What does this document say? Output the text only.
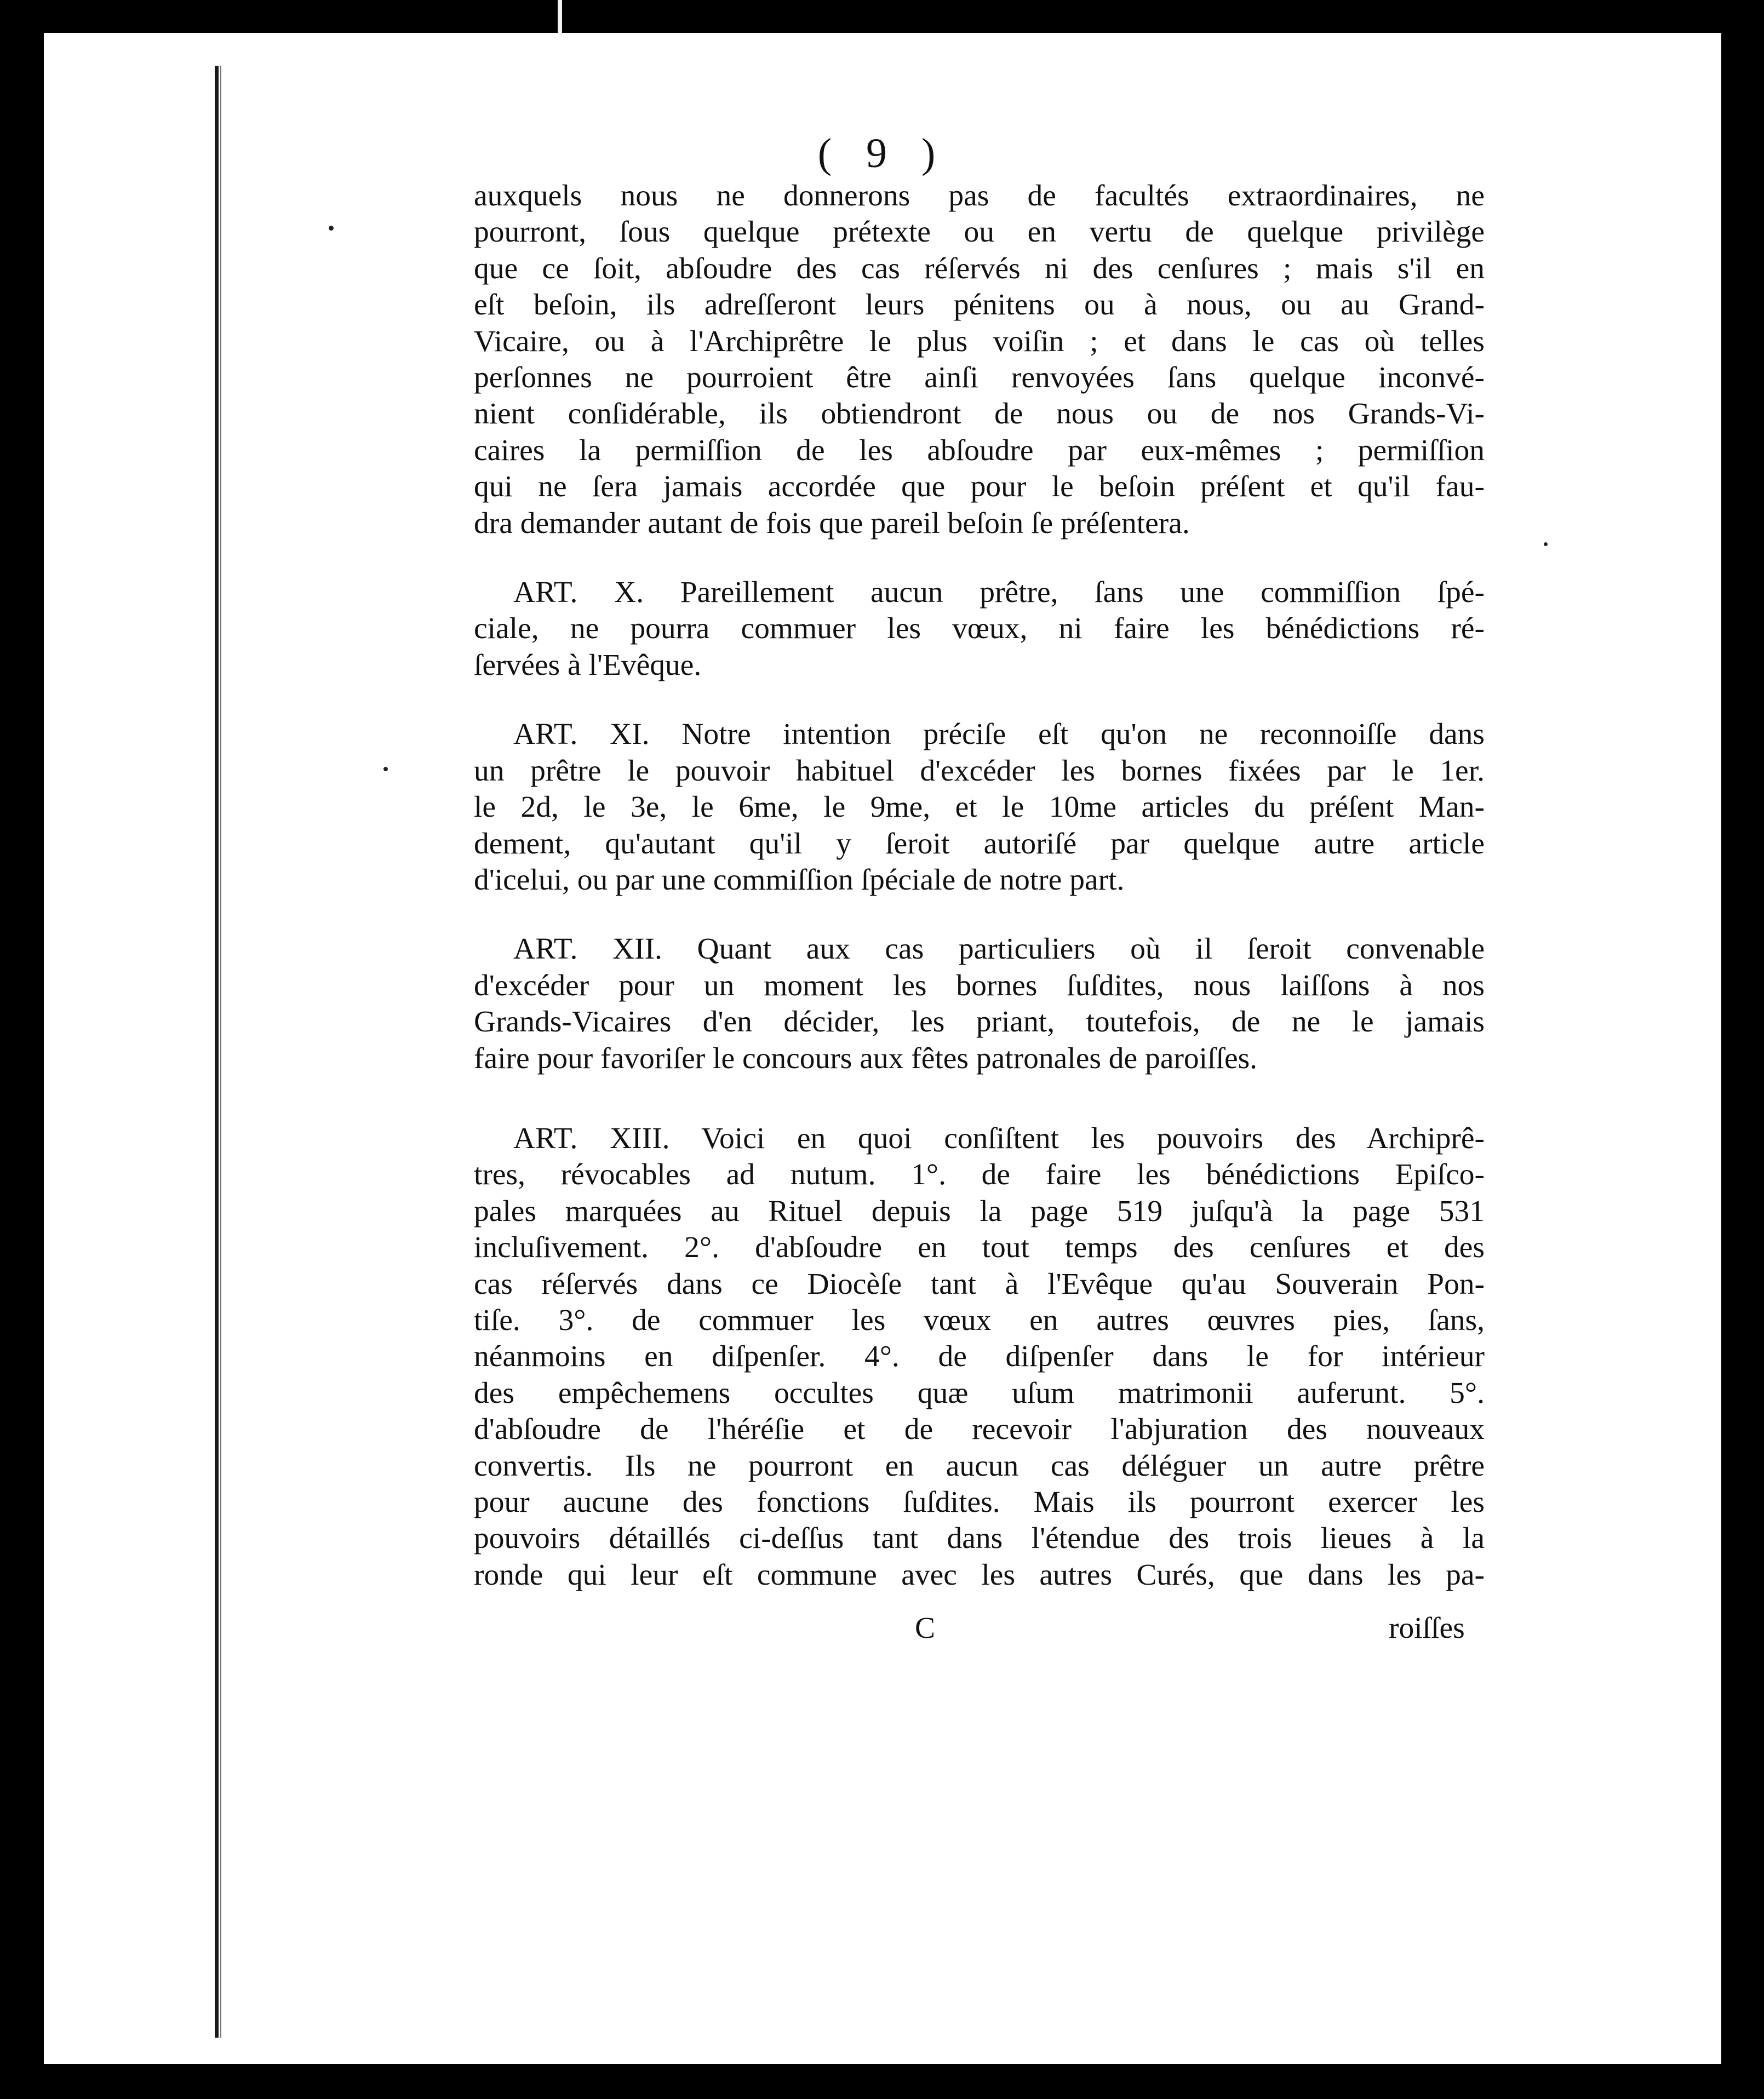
( 9 )

auxquels nous ne donnerons pas de facultés extraordinaires, ne
pourront, ſous quelque prétexte ou en vertu de quelque privilège
que ce ſoit, abſoudre des cas réſervés ni des cenſures ; mais s'il en
eſt beſoin, ils adreſſeront leurs pénitens ou à nous, ou au Grand-
Vicaire, ou à l'Archiprêtre le plus voiſin ; et dans le cas où telles
perſonnes ne pourroient être ainſi renvoyées ſans quelque inconvé-
nient conſidérable, ils obtiendront de nous ou de nos Grands-Vi-
caires la permiſſion de les abſoudre par eux-mêmes ; permiſſion
qui ne ſera jamais accordée que pour le beſoin préſent et qu'il fau-
dra demander autant de fois que pareil beſoin ſe préſentera.

ART. X. Pareillement aucun prêtre, ſans une commiſſion ſpé-

ciale, ne pourra commuer les vœux, ni faire les bénédictions ré-
ſervées à l'Evêque.

ART. XI. Notre intention préciſe eſt qu'on ne reconnoiſſe dans

un prêtre le pouvoir habituel d'excéder les bornes fixées par le 1er.
le 2d, le 3e, le 6me, le 9me, et le 10me articles du préſent Man-
dement, qu'autant qu'il y ſeroit autoriſé par quelque autre article
d'icelui, ou par une commiſſion ſpéciale de notre part.

ART. XII. Quant aux cas particuliers où il ſeroit convenable

d'excéder pour un moment les bornes ſuſdites, nous laiſſons à nos
Grands-Vicaires d'en décider, les priant, toutefois, de ne le jamais
faire pour favoriſer le concours aux fêtes patronales de paroiſſes.

ART. XIII. Voici en quoi conſiſtent les pouvoirs des Archiprê-

tres, révocables ad nutum. 1°. de faire les bénédictions Epiſco-
pales marquées au Rituel depuis la page 519 juſqu'à la page 531
incluſivement. 2°. d'abſoudre en tout temps des cenſures et des
cas réſervés dans ce Diocèſe tant à l'Evêque qu'au Souverain Pon-
tiſe. 3°. de commuer les vœux en autres œuvres pies, ſans,
néanmoins en diſpenſer. 4°. de diſpenſer dans le for intérieur
des empêchemens occultes quæ uſum matrimonii auferunt. 5°.
d'abſoudre de l'héréſie et de recevoir l'abjuration des nouveaux
convertis. Ils ne pourront en aucun cas déléguer un autre prêtre
pour aucune des fonctions ſuſdites. Mais ils pourront exercer les
pouvoirs détaillés ci-deſſus tant dans l'étendue des trois lieues à la
ronde qui leur eſt commune avec les autres Curés, que dans les pa-

C	roiſſes
